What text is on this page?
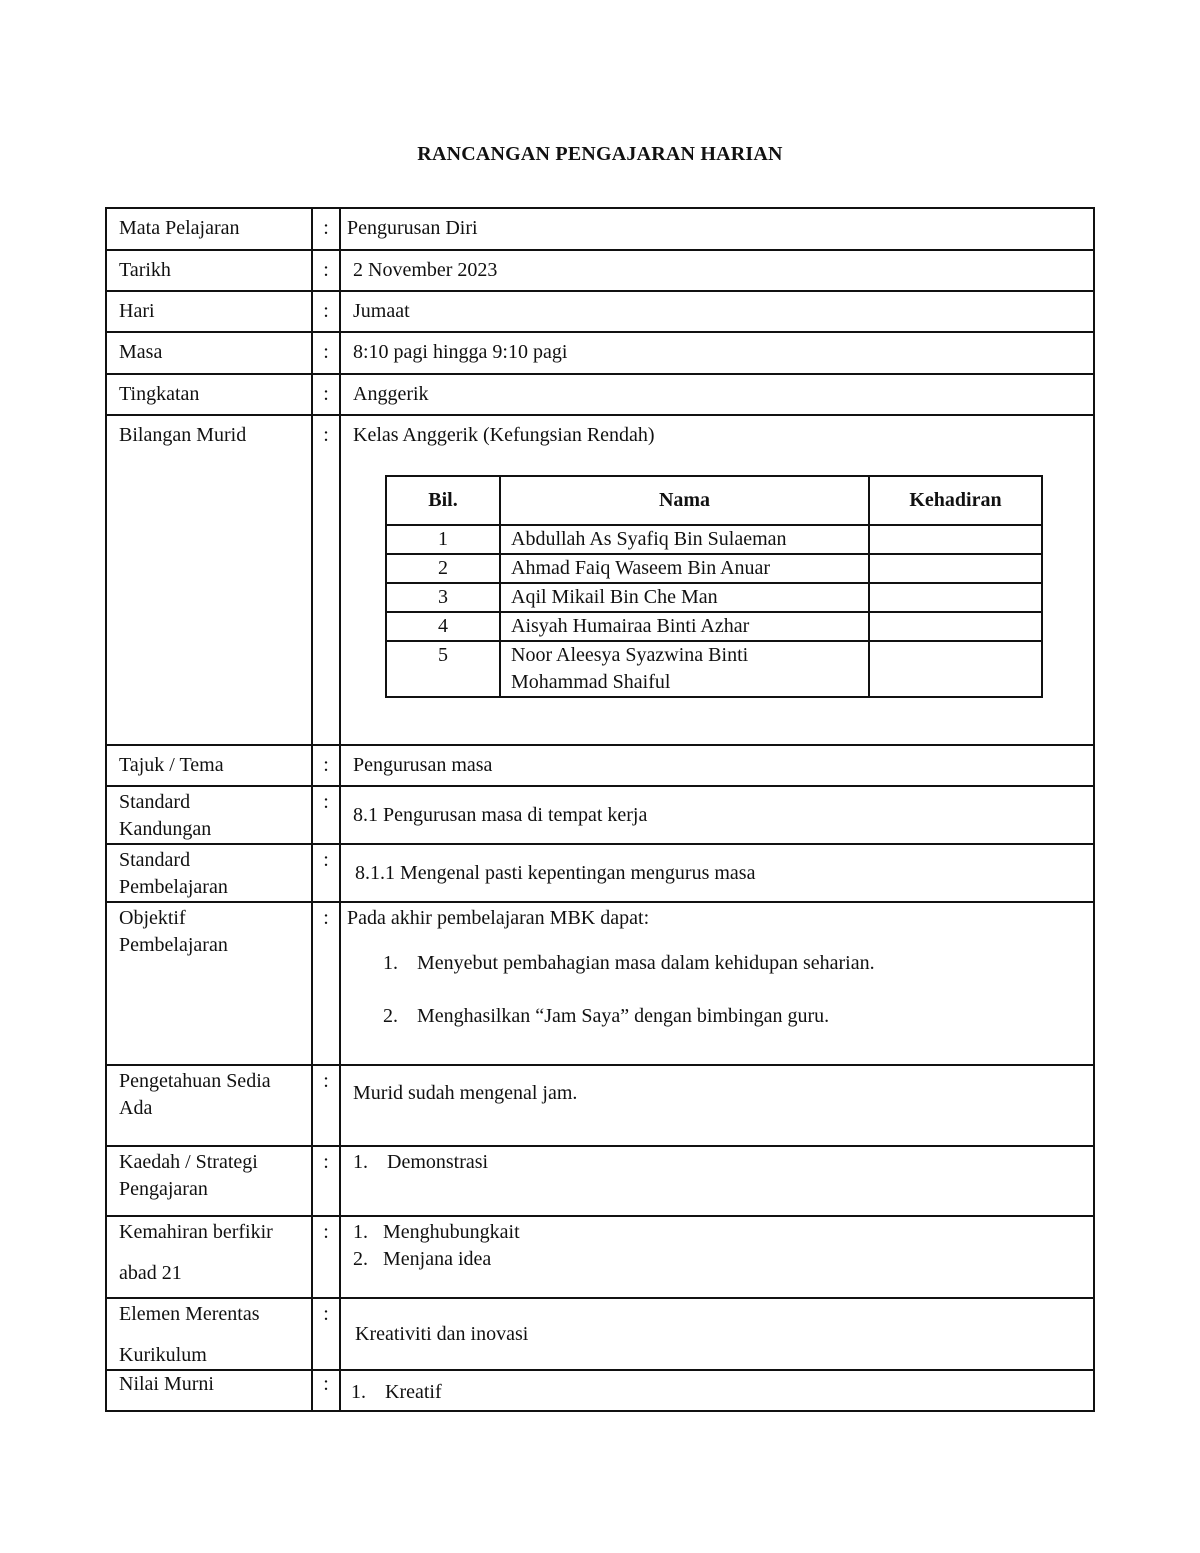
RANCANGAN PENGAJARAN HARIAN
Mata Pelajaran	:	Pengurusan Diri
Tarikh	:	2 November 2023
Hari	:	Jumaat
Masa	:	8:10 pagi hingga 9:10 pagi
Tingkatan	:	Anggerik
Bilangan Murid	:	Kelas Anggerik (Kefungsian Rendah)
Bil.	Nama	Kehadiran
1	Abdullah As Syafiq Bin Sulaeman	
2	Ahmad Faiq Waseem Bin Anuar	
3	Aqil Mikail Bin Che Man	
4	Aisyah Humairaa Binti Azhar	
5	Noor Aleesya Syazwina Binti
Mohammad Shaiful

Tajuk / Tema	:	Pengurusan masa

Standard
Kandungan
	:	8.1 Pengurusan masa di tempat kerja

Standard
Pembelajaran
	:	8.1.1 Mengenal pasti kepentingan mengurus masa

Objektif
Pembelajaran
	:	Pada akhir pembelajaran MBK dapat:
1. Menyebut pembahagian masa dalam kehidupan seharian.
2. Menghasilkan “Jam Saya” dengan bimbingan guru.

Pengetahuan Sedia
Ada
	:	Murid sudah mengenal jam.

Kaedah / Strategi
Pengajaran
	:	1. Demonstrasi

Kemahiran berfikir
abad 21
	:	1. Menghubungkait
2. Menjana idea

Elemen Merentas
Kurikulum
	:	Kreativiti dan inovasi
Nilai Murni	:	1. Kreatif
